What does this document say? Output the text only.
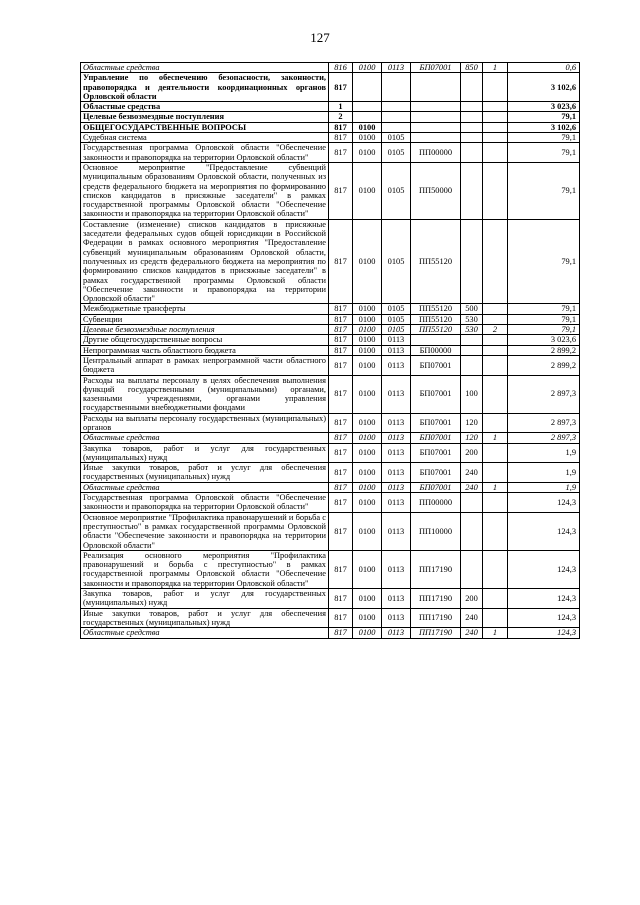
127
Областные средства	816	0100	0113	БП07001	850	1	0,6
Управление по обеспечению безопасности, законности, правопорядка и деятельности координационных органов Орловской области	817						3 102,6
Областные средства	1						3 023,6
Целевые безвозмездные поступления	2						79,1
ОБЩЕГОСУДАРСТВЕННЫЕ ВОПРОСЫ	817	0100					3 102,6
Судебная система	817	0100	0105				79,1
Государственная программа Орловской области "Обеспечение законности и правопорядка на территории Орловской области"	817	0100	0105	ПП00000			79,1
Основное мероприятие "Предоставление субвенций муниципальным образованиям Орловской области, полученных из средств федерального бюджета на мероприятия по формированию списков кандидатов в присяжные заседатели" в рамках государственной программы Орловской области "Обеспечение законности и правопорядка на территории Орловской области"	817	0100	0105	ПП50000			79,1
Составление (изменение) списков кандидатов в присяжные заседатели федеральных судов общей юрисдикции в Российской Федерации в рамках основного мероприятия "Предоставление субвенций муниципальным образованиям Орловской области, полученных из средств федерального бюджета на мероприятия по формированию списков кандидатов в присяжные заседатели" в рамках государственной программы Орловской области "Обеспечение законности и правопорядка на территории Орловской области"	817	0100	0105	ПП55120			79,1
Межбюджетные трансферты	817	0100	0105	ПП55120	500		79,1
Субвенции	817	0100	0105	ПП55120	530		79,1
Целевые безвозмездные поступления	817	0100	0105	ПП55120	530	2	79,1
Другие общегосударственные вопросы	817	0100	0113				3 023,6
Непрограммная часть областного бюджета	817	0100	0113	БП00000			2 899,2
Центральный аппарат в рамках непрограммной части областного бюджета	817	0100	0113	БП07001			2 899,2
Расходы на выплаты персоналу в целях обеспечения выполнения функций государственными (муниципальными) органами, казенными учреждениями, органами управления государственными внебюджетными фондами	817	0100	0113	БП07001	100		2 897,3
Расходы на выплаты персоналу государственных (муниципальных) органов	817	0100	0113	БП07001	120		2 897,3
Областные средства	817	0100	0113	БП07001	120	1	2 897,3
Закупка товаров, работ и услуг для государственных (муниципальных) нужд	817	0100	0113	БП07001	200		1,9
Иные закупки товаров, работ и услуг для обеспечения государственных (муниципальных) нужд	817	0100	0113	БП07001	240		1,9
Областные средства	817	0100	0113	БП07001	240	1	1,9
Государственная программа Орловской области "Обеспечение законности и правопорядка на территории Орловской области"	817	0100	0113	ПП00000			124,3
Основное мероприятие "Профилактика правонарушений и борьба с преступностью" в рамках государственной программы Орловской области "Обеспечение законности и правопорядка на территории Орловской области"	817	0100	0113	ПП10000			124,3
Реализация основного мероприятия "Профилактика правонарушений и борьба с преступностью" в рамках государственной программы Орловской области "Обеспечение законности и правопорядка на территории Орловской области"	817	0100	0113	ПП17190			124,3
Закупка товаров, работ и услуг для государственных (муниципальных) нужд	817	0100	0113	ПП17190	200		124,3
Иные закупки товаров, работ и услуг для обеспечения государственных (муниципальных) нужд	817	0100	0113	ПП17190	240		124,3
Областные средства	817	0100	0113	ПП17190	240	1	124,3
